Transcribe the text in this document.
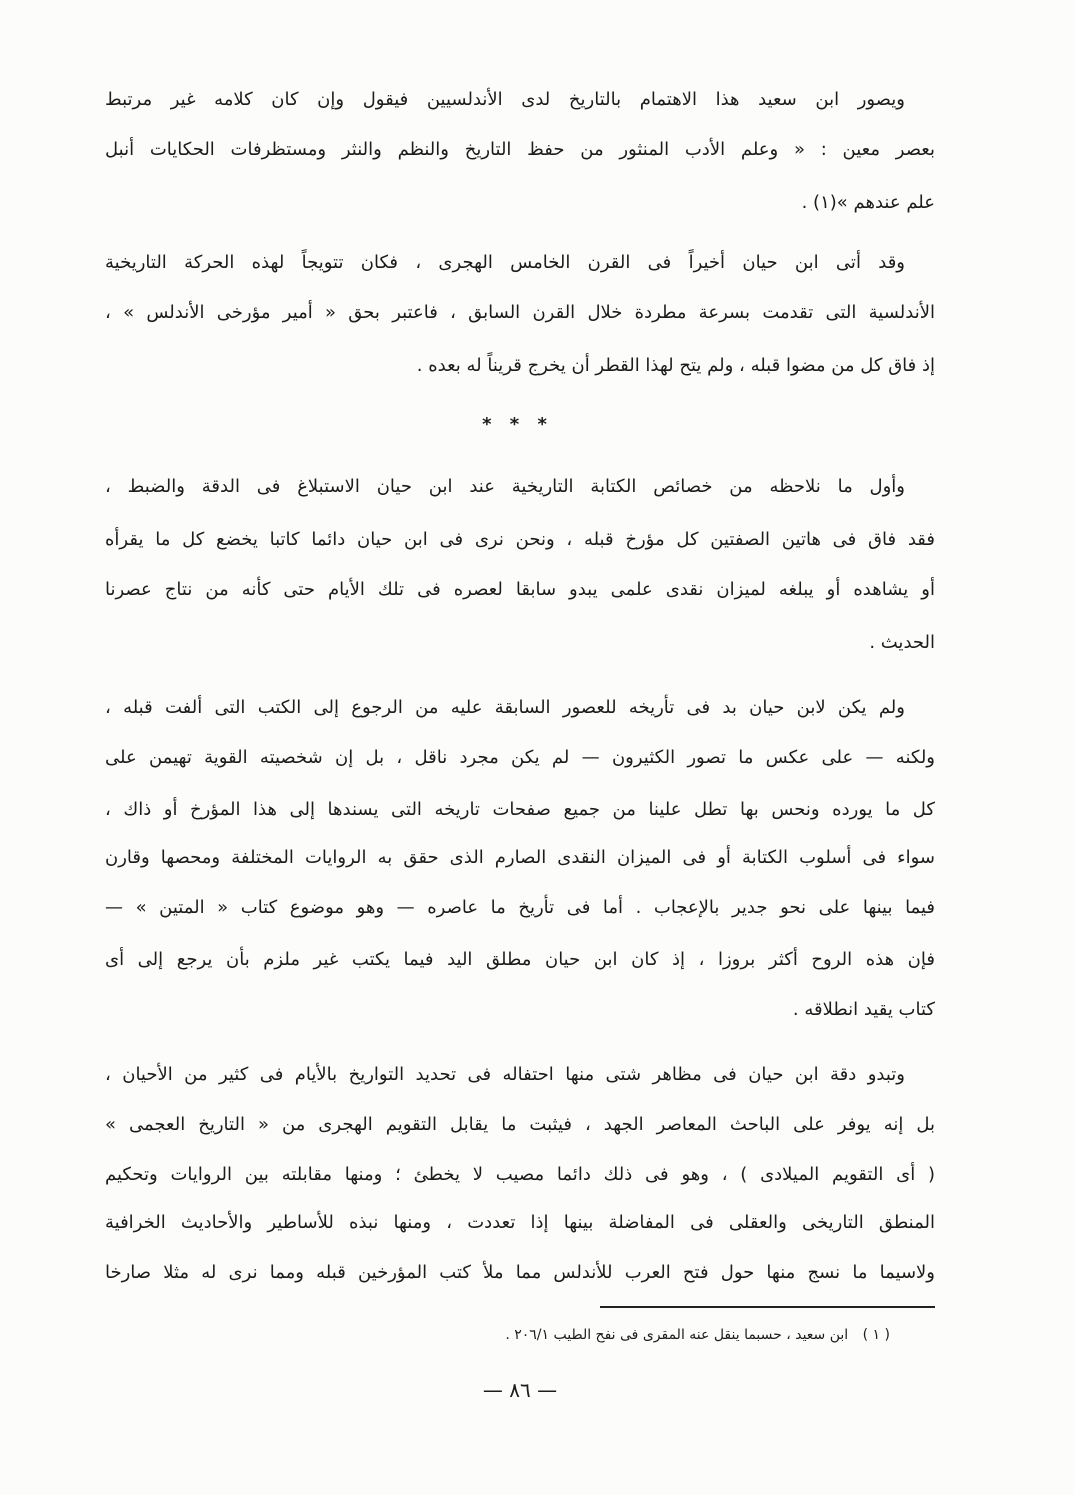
ويصور ابن سعيد هذا الاهتمام بالتاريخ لدى الأندلسيين فيقول وإن كان كلامه غير مرتبط
بعصر معين : « وعلم الأدب المنثور من حفظ التاريخ والنظم والنثر ومستظرفات الحكايات أنبل
علم عندهم »(١) .
وقد أتى ابن حيان أخيراً فى القرن الخامس الهجرى ، فكان تتويجاً لهذه الحركة التاريخية
الأندلسية التى تقدمت بسرعة مطردة خلال القرن السابق ، فاعتبر بحق « أمير مؤرخى الأندلس » ،
إذ فاق كل من مضوا قبله ، ولم يتح لهذا القطر أن يخرج قريناً له بعده .
* * *
وأول ما نلاحظه من خصائص الكتابة التاريخية عند ابن حيان الاستبلاغ فى الدقة والضبط ،
فقد فاق فى هاتين الصفتين كل مؤرخ قبله ، ونحن نرى فى ابن حيان دائما كاتبا يخضع كل ما يقرأه
أو يشاهده أو يبلغه لميزان نقدى علمى يبدو سابقا لعصره فى تلك الأيام حتى كأنه من نتاج عصرنا
الحديث .
ولم يكن لابن حيان بد فى تأريخه للعصور السابقة عليه من الرجوع إلى الكتب التى ألفت قبله ،
ولكنه — على عكس ما تصور الكثيرون — لم يكن مجرد ناقل ، بل إن شخصيته القوية تهيمن على
كل ما يورده ونحس بها تطل علينا من جميع صفحات تاريخه التى يسندها إلى هذا المؤرخ أو ذاك ،
سواء فى أسلوب الكتابة أو فى الميزان النقدى الصارم الذى حقق به الروايات المختلفة ومحصها وقارن
فيما بينها على نحو جدير بالإعجاب . أما فى تأريخ ما عاصره — وهو موضوع كتاب « المتين » —
فإن هذه الروح أكثر بروزا ، إذ كان ابن حيان مطلق اليد فيما يكتب غير ملزم بأن يرجع إلى أى
كتاب يقيد انطلاقه .
وتبدو دقة ابن حيان فى مظاهر شتى منها احتفاله فى تحديد التواريخ بالأيام فى كثير من الأحيان ،
بل إنه يوفر على الباحث المعاصر الجهد ، فيثبت ما يقابل التقويم الهجرى من « التاريخ العجمى »
( أى التقويم الميلادى ) ، وهو فى ذلك دائما مصيب لا يخطئ ؛ ومنها مقابلته بين الروايات وتحكيم
المنطق التاريخى والعقلى فى المفاضلة بينها إذا تعددت ، ومنها نبذه للأساطير والأحاديث الخرافية
ولاسيما ما نسج منها حول فتح العرب للأندلس مما ملأ كتب المؤرخين قبله ومما نرى له مثلا صارخا
( ١ ) ابن سعيد ، حسبما ينقل عنه المقرى فى نفح الطيب ٢٠٦/١ .
— ٨٦ —
